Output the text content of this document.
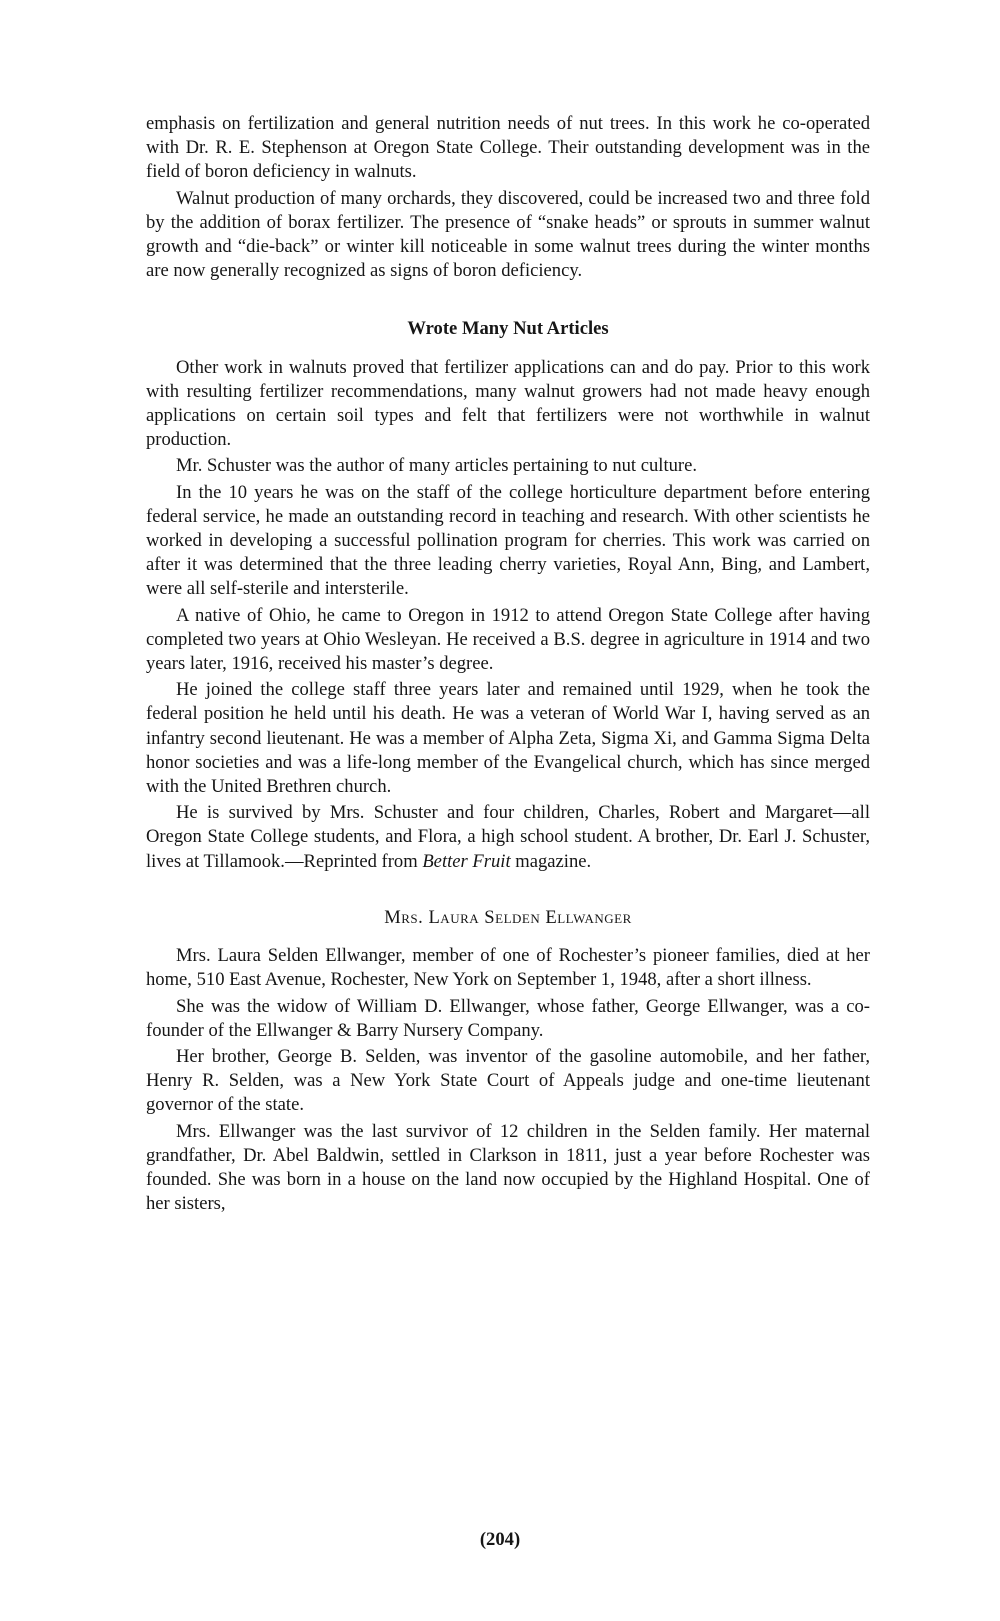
emphasis on fertilization and general nutrition needs of nut trees. In this work he co-operated with Dr. R. E. Stephenson at Oregon State College. Their outstanding development was in the field of boron deficiency in walnuts.

Walnut production of many orchards, they discovered, could be increased two and three fold by the addition of borax fertilizer. The presence of “snake heads” or sprouts in summer walnut growth and “die-back” or winter kill noticeable in some walnut trees during the winter months are now generally recognized as signs of boron deficiency.

Wrote Many Nut Articles

Other work in walnuts proved that fertilizer applications can and do pay. Prior to this work with resulting fertilizer recommendations, many walnut growers had not made heavy enough applications on certain soil types and felt that fertilizers were not worthwhile in walnut production.

Mr. Schuster was the author of many articles pertaining to nut culture.

In the 10 years he was on the staff of the college horticulture department before entering federal service, he made an outstanding record in teaching and research. With other scientists he worked in developing a successful pollination program for cherries. This work was carried on after it was determined that the three leading cherry varieties, Royal Ann, Bing, and Lambert, were all self-sterile and intersterile.

A native of Ohio, he came to Oregon in 1912 to attend Oregon State College after having completed two years at Ohio Wesleyan. He received a B.S. degree in agriculture in 1914 and two years later, 1916, received his master’s degree.

He joined the college staff three years later and remained until 1929, when he took the federal position he held until his death. He was a veteran of World War I, having served as an infantry second lieutenant. He was a member of Alpha Zeta, Sigma Xi, and Gamma Sigma Delta honor societies and was a life-long member of the Evangelical church, which has since merged with the United Brethren church.

He is survived by Mrs. Schuster and four children, Charles, Robert and Margaret—all Oregon State College students, and Flora, a high school student. A brother, Dr. Earl J. Schuster, lives at Tillamook.—Reprinted from Better Fruit magazine.

Mrs. Laura Selden Ellwanger

Mrs. Laura Selden Ellwanger, member of one of Rochester’s pioneer families, died at her home, 510 East Avenue, Rochester, New York on September 1, 1948, after a short illness.

She was the widow of William D. Ellwanger, whose father, George Ellwanger, was a co-founder of the Ellwanger & Barry Nursery Company.

Her brother, George B. Selden, was inventor of the gasoline automobile, and her father, Henry R. Selden, was a New York State Court of Appeals judge and one-time lieutenant governor of the state.

Mrs. Ellwanger was the last survivor of 12 children in the Selden family. Her maternal grandfather, Dr. Abel Baldwin, settled in Clarkson in 1811, just a year before Rochester was founded. She was born in a house on the land now occupied by the Highland Hospital. One of her sisters,

(204)
